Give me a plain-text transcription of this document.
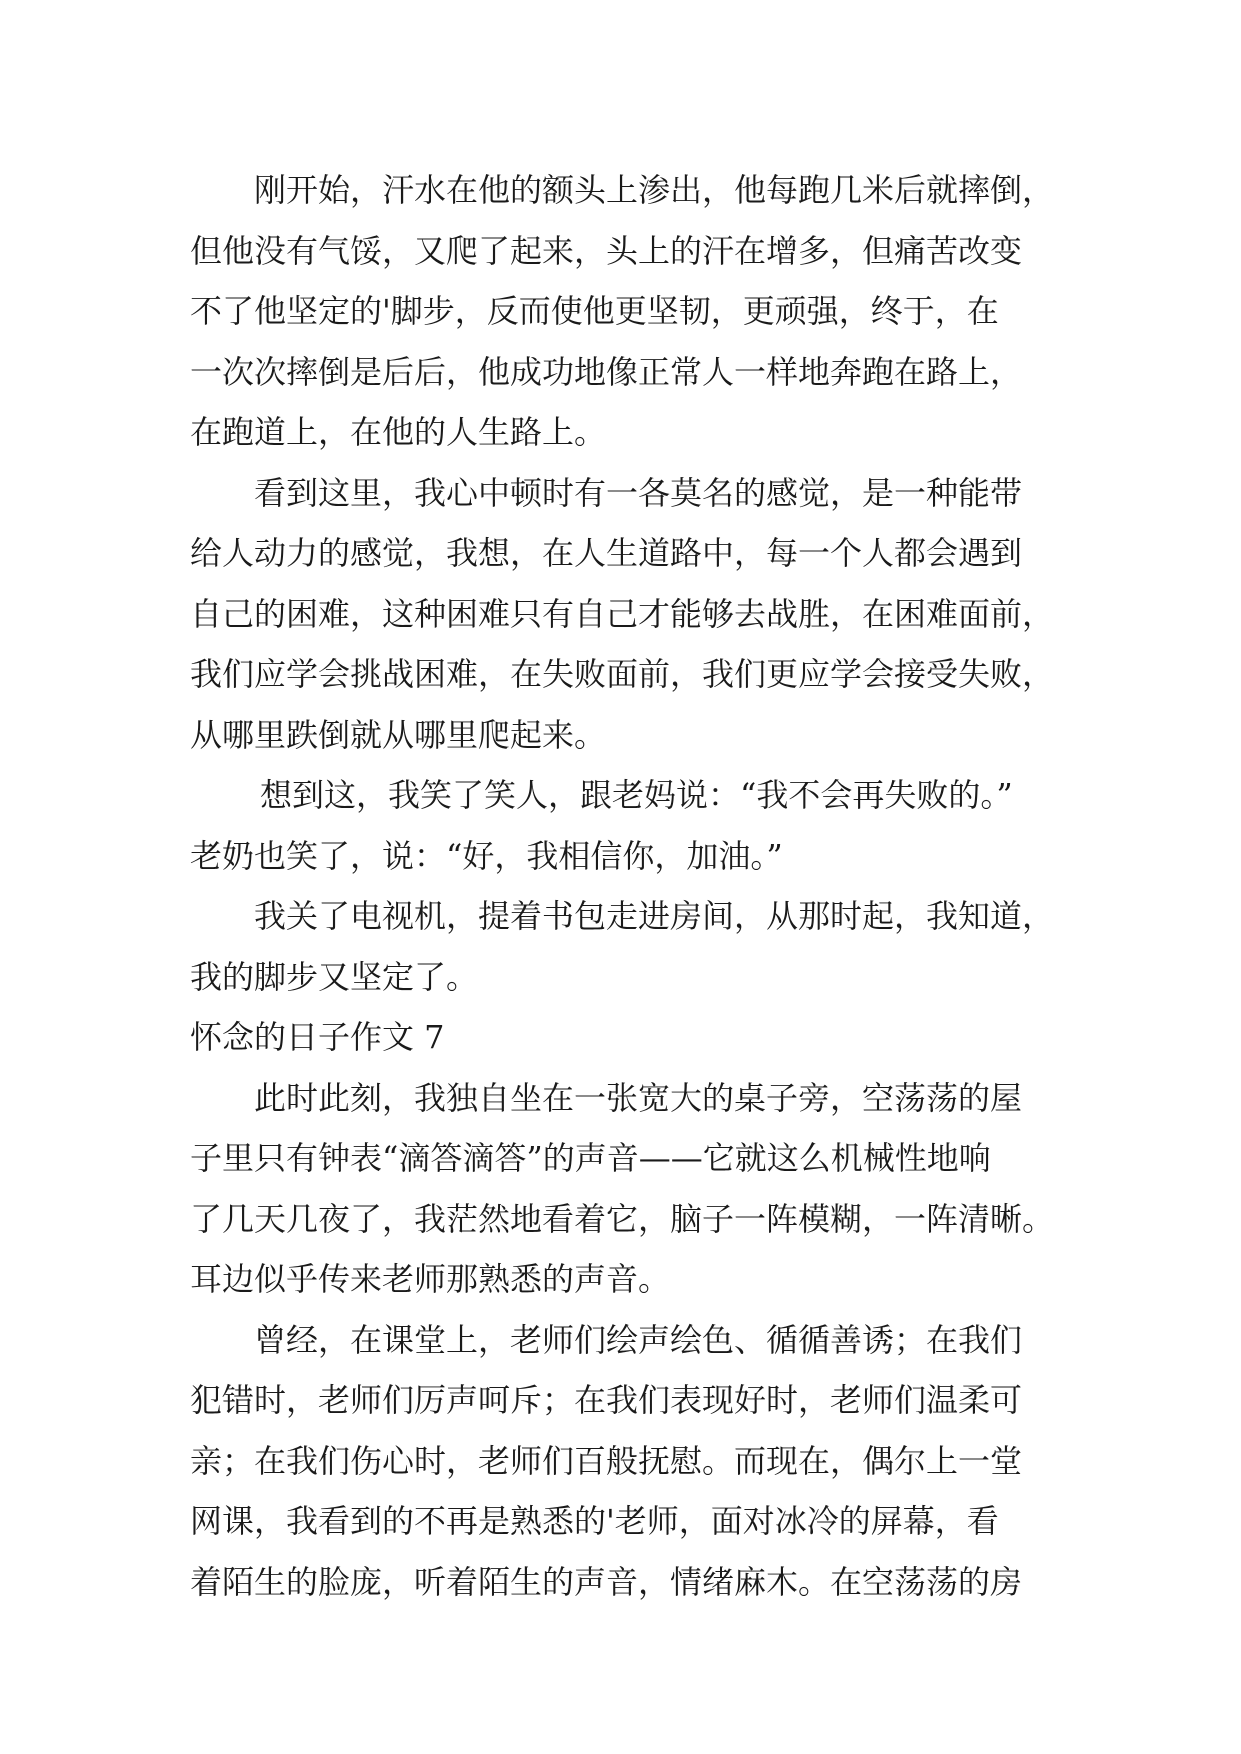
刚开始，汗水在他的额头上渗出，他每跑几米后就摔倒，
但他没有气馁，又爬了起来，头上的汗在增多，但痛苦改变
不了他坚定的'脚步，反而使他更坚韧，更顽强，终于，在
一次次摔倒是后后，他成功地像正常人一样地奔跑在路上，
在跑道上，在他的人生路上。
看到这里，我心中顿时有一各莫名的感觉，是一种能带
给人动力的感觉，我想，在人生道路中，每一个人都会遇到
自己的困难，这种困难只有自己才能够去战胜，在困难面前，
我们应学会挑战困难，在失败面前，我们更应学会接受失败，
从哪里跌倒就从哪里爬起来。
想到这，我笑了笑人，跟老妈说：“我不会再失败的。”
老奶也笑了，说：“好，我相信你，加油。”
我关了电视机，提着书包走进房间，从那时起，我知道，
我的脚步又坚定了。
怀念的日子作文 7
此时此刻，我独自坐在一张宽大的桌子旁，空荡荡的屋
子里只有钟表“滴答滴答”的声音——它就这么机械性地响
了几天几夜了，我茫然地看着它，脑子一阵模糊，一阵清晰。
耳边似乎传来老师那熟悉的声音。
曾经，在课堂上，老师们绘声绘色、循循善诱；在我们
犯错时，老师们厉声呵斥；在我们表现好时，老师们温柔可
亲；在我们伤心时，老师们百般抚慰。而现在，偶尔上一堂
网课，我看到的不再是熟悉的'老师，面对冰冷的屏幕，看
着陌生的脸庞，听着陌生的声音，情绪麻木。在空荡荡的房
